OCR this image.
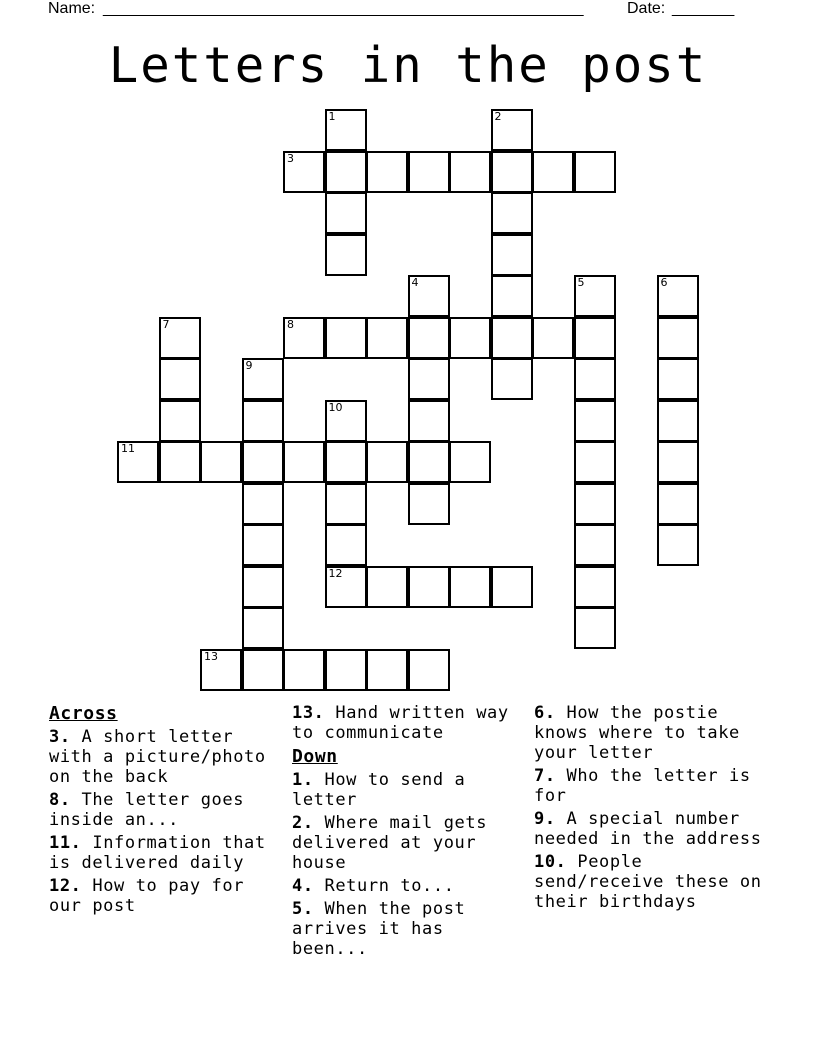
Name: ______________________________________________________	Date: _______
Letters in the post
1	2
3
4	5	6
7	8
9
10
12
11
13
Across
3. A short letter with a picture/photo on the back
8. The letter goes inside an...
11. Information that is delivered daily
12. How to pay for our post
13. Hand written way to communicate
Down
1. How to send a letter
2. Where mail gets delivered at your house
4. Return to...
5. When the post arrives it has been...
6. How the postie knows where to take your letter
7. Who the letter is for
9. A special number needed in the address
10. People send/receive these on their birthdays
